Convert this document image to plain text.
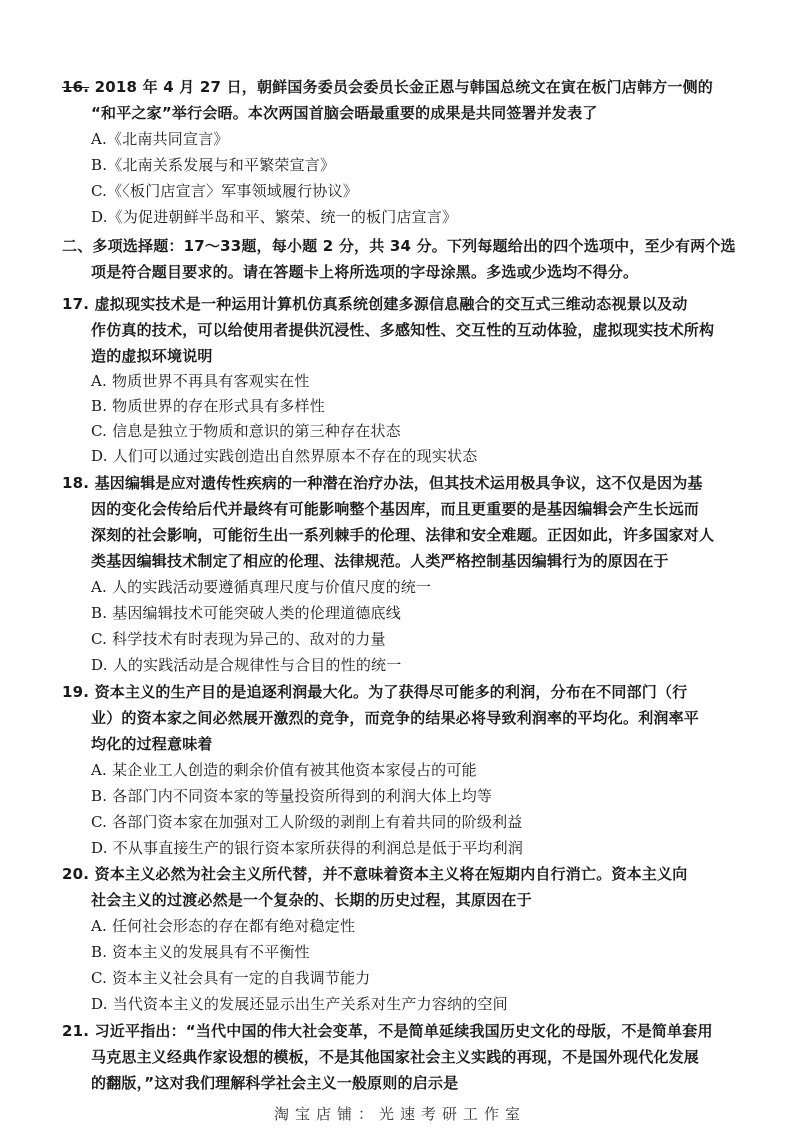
16. 2018 年 4 月 27 日，朝鲜国务委员会委员长金正恩与韩国总统文在寅在板门店韩方一侧的
“和平之家”举行会晤。本次两国首脑会晤最重要的成果是共同签署并发表了
A.《北南共同宣言》
B.《北南关系发展与和平繁荣宣言》
C.《〈板门店宣言〉军事领域履行协议》
D.《为促进朝鲜半岛和平、繁荣、统一的板门店宣言》
二、多项选择题：17～33题，每小题 2 分，共 34 分。下列每题给出的四个选项中，至少有两个选
项是符合题目要求的。请在答题卡上将所选项的字母涂黑。多选或少选均不得分。
17. 虚拟现实技术是一种运用计算机仿真系统创建多源信息融合的交互式三维动态视景以及动
作仿真的技术，可以给使用者提供沉浸性、多感知性、交互性的互动体验，虚拟现实技术所构
造的虚拟环境说明
A. 物质世界不再具有客观实在性
B. 物质世界的存在形式具有多样性
C. 信息是独立于物质和意识的第三种存在状态
D. 人们可以通过实践创造出自然界原本不存在的现实状态
18. 基因编辑是应对遗传性疾病的一种潜在治疗办法，但其技术运用极具争议，这不仅是因为基
因的变化会传给后代并最终有可能影响整个基因库，而且更重要的是基因编辑会产生长远而
深刻的社会影响，可能衍生出一系列棘手的伦理、法律和安全难题。正因如此，许多国家对人
类基因编辑技术制定了相应的伦理、法律规范。人类严格控制基因编辑行为的原因在于
A. 人的实践活动要遵循真理尺度与价值尺度的统一
B. 基因编辑技术可能突破人类的伦理道德底线
C. 科学技术有时表现为异己的、敌对的力量
D. 人的实践活动是合规律性与合目的性的统一
19. 资本主义的生产目的是追逐利润最大化。为了获得尽可能多的利润，分布在不同部门（行
业）的资本家之间必然展开激烈的竞争，而竞争的结果必将导致利润率的平均化。利润率平
均化的过程意味着
A. 某企业工人创造的剩余价值有被其他资本家侵占的可能
B. 各部门内不同资本家的等量投资所得到的利润大体上均等
C. 各部门资本家在加强对工人阶级的剥削上有着共同的阶级利益
D. 不从事直接生产的银行资本家所获得的利润总是低于平均利润
20. 资本主义必然为社会主义所代替，并不意味着资本主义将在短期内自行消亡。资本主义向
社会主义的过渡必然是一个复杂的、长期的历史过程，其原因在于
A. 任何社会形态的存在都有绝对稳定性
B. 资本主义的发展具有不平衡性
C. 资本主义社会具有一定的自我调节能力
D. 当代资本主义的发展还显示出生产关系对生产力容纳的空间
21. 习近平指出：“当代中国的伟大社会变革，不是简单延续我国历史文化的母版，不是简单套用
马克思主义经典作家设想的模板，不是其他国家社会主义实践的再现，不是国外现代化发展
的翻版，”这对我们理解科学社会主义一般原则的启示是
淘宝店铺：光速考研工作室
